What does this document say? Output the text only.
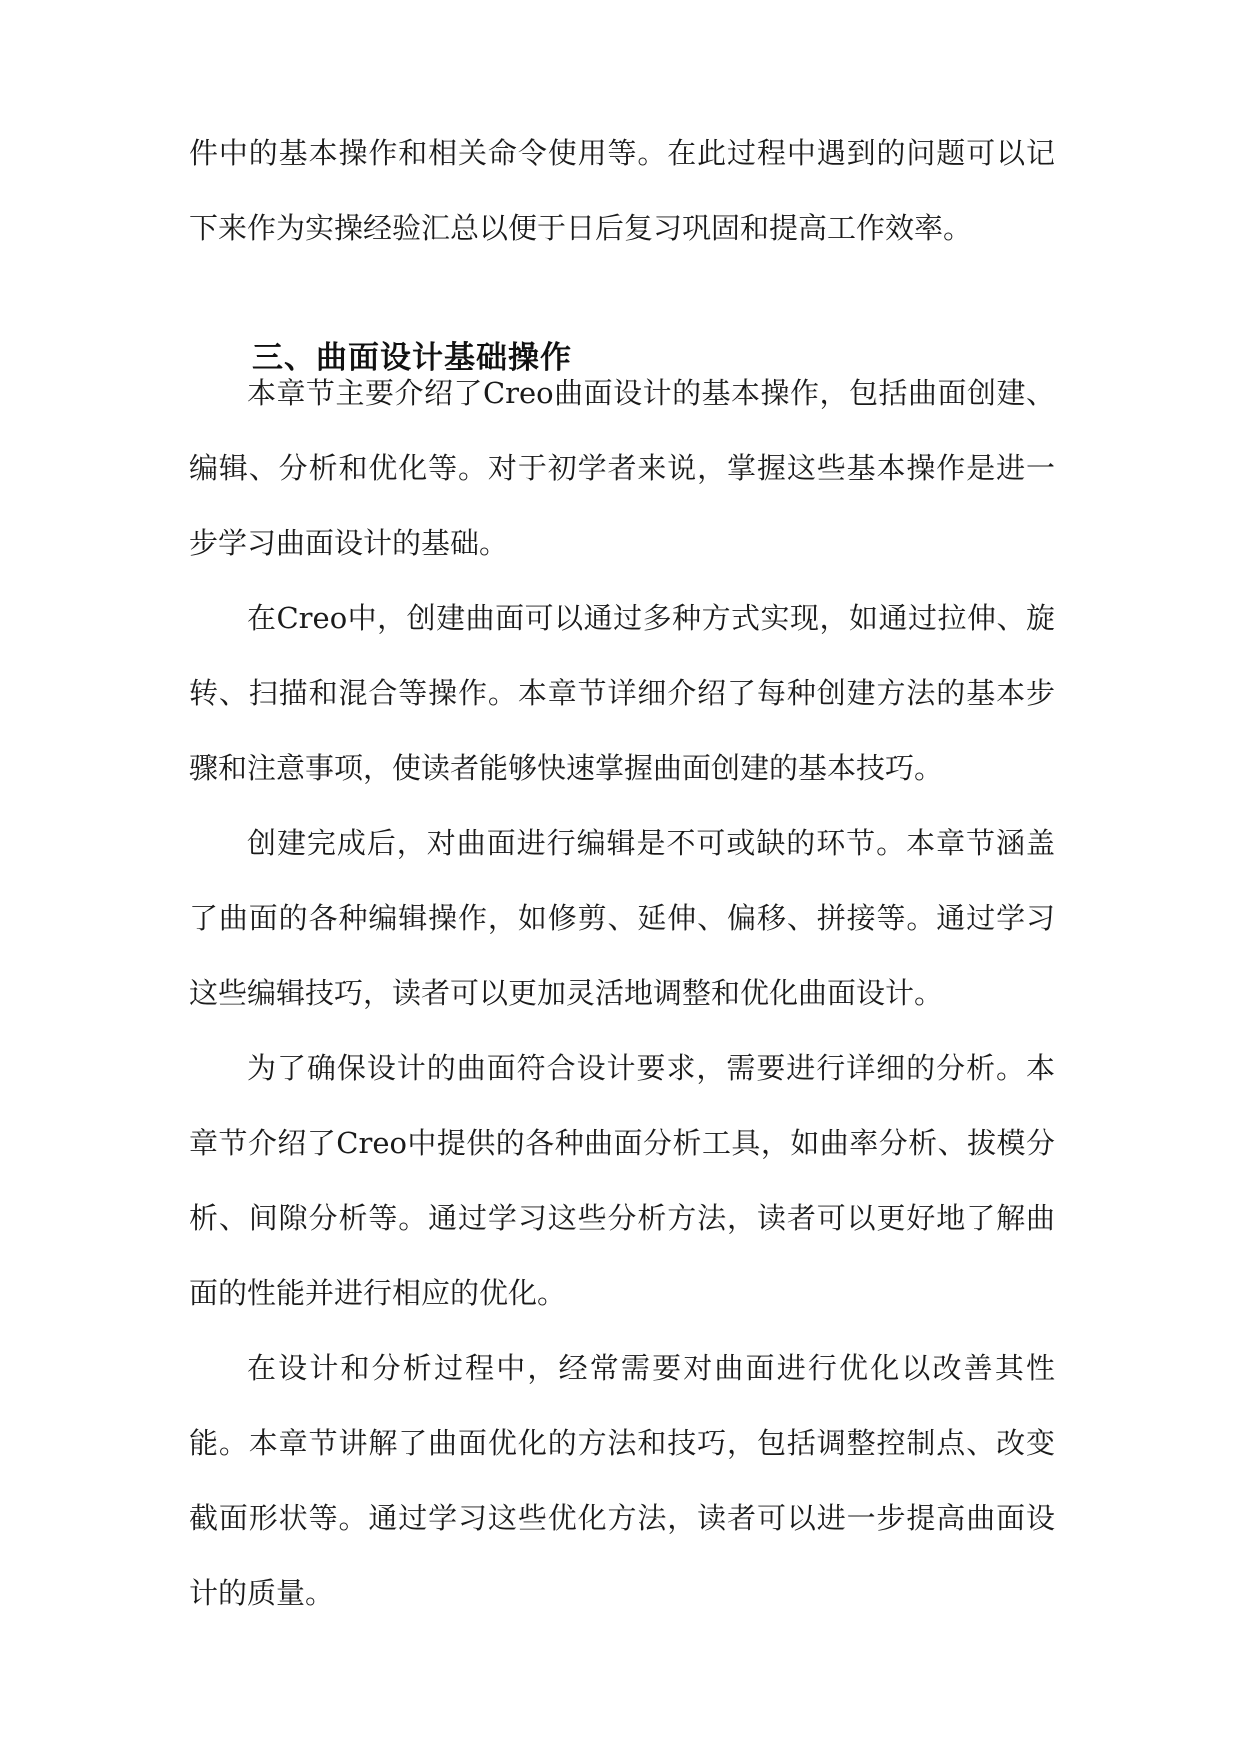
件中的基本操作和相关命令使用等。在此过程中遇到的问题可以记下来作为实操经验汇总以便于日后复习巩固和提高工作效率。

三、曲面设计基础操作

本章节主要介绍了Creo曲面设计的基本操作，包括曲面创建、编辑、分析和优化等。对于初学者来说，掌握这些基本操作是进一步学习曲面设计的基础。

在Creo中，创建曲面可以通过多种方式实现，如通过拉伸、旋转、扫描和混合等操作。本章节详细介绍了每种创建方法的基本步骤和注意事项，使读者能够快速掌握曲面创建的基本技巧。

创建完成后，对曲面进行编辑是不可或缺的环节。本章节涵盖了曲面的各种编辑操作，如修剪、延伸、偏移、拼接等。通过学习这些编辑技巧，读者可以更加灵活地调整和优化曲面设计。

为了确保设计的曲面符合设计要求，需要进行详细的分析。本章节介绍了Creo中提供的各种曲面分析工具，如曲率分析、拔模分析、间隙分析等。通过学习这些分析方法，读者可以更好地了解曲面的性能并进行相应的优化。

在设计和分析过程中，经常需要对曲面进行优化以改善其性能。本章节讲解了曲面优化的方法和技巧，包括调整控制点、改变截面形状等。通过学习这些优化方法，读者可以进一步提高曲面设计的质量。
